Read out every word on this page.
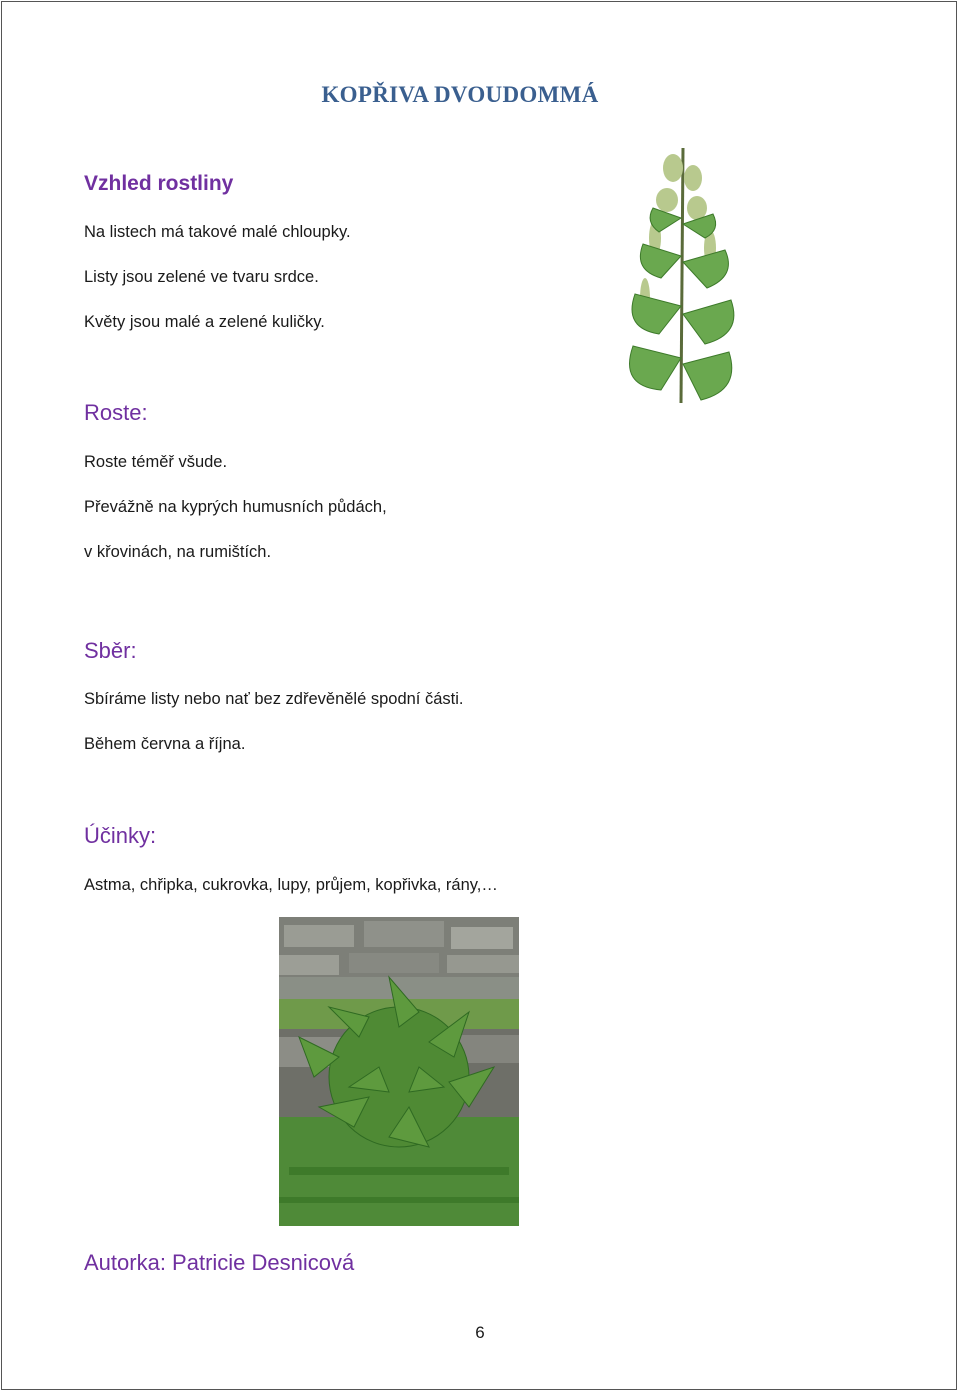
KOPŘIVA DVOUDOMMÁ
Vzhled rostliny
Na listech má takové malé chloupky.
Listy jsou zelené ve tvaru srdce.
Květy jsou malé a zelené kuličky.
Roste:
Roste téměř všude.
Převážně na kyprých humusních půdách,
v křovinách, na rumištích.
Sběr:
Sbíráme listy nebo nať bez zdřevěnělé spodní části.
Během června a října.
Účinky:
Astma, chřipka, cukrovka, lupy, průjem, kopřivka, rány,…
Autorka: Patricie Desnicová
6
